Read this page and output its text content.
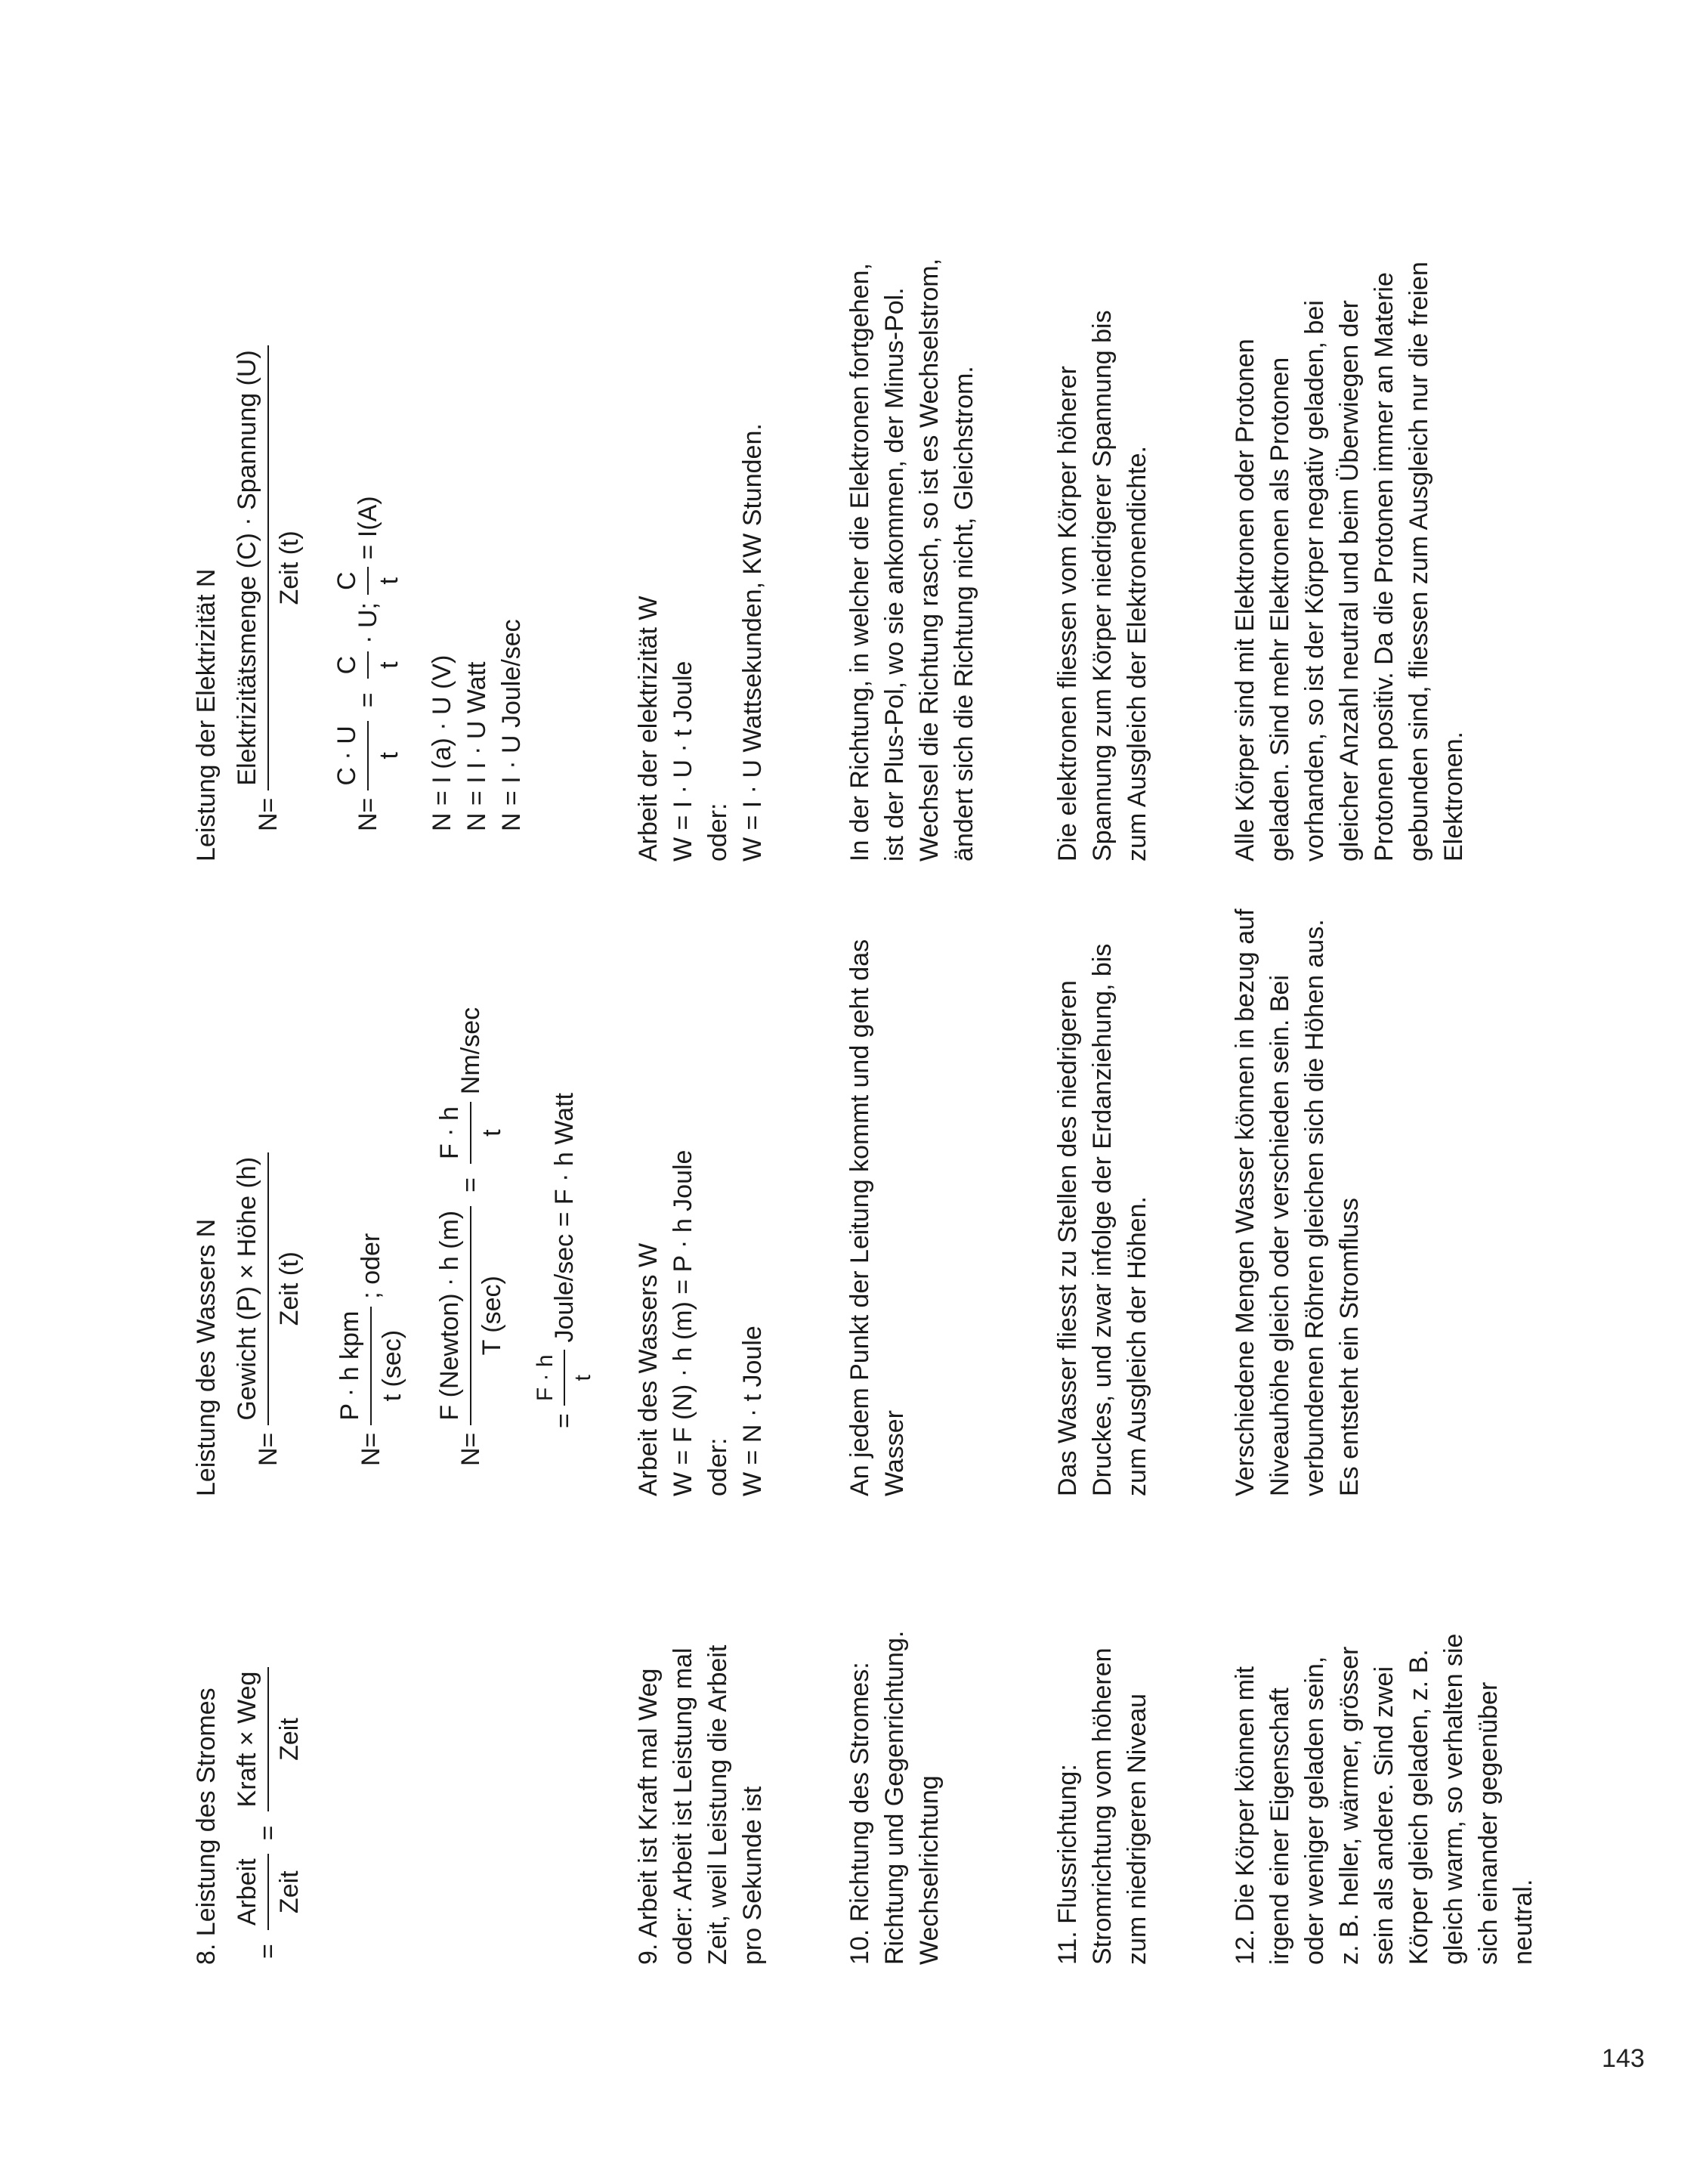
8. Leistung des Stromes =
Arbeit Zeit
=
Kraft × Weg Zeit
Leistung des Wassers N N=
Gewicht (P) × Höhe (h) Zeit (t)
N=
P · h kpm t (sec)
; oder
N=
F (Newton) · h (m) T (sec)
=
F · h t
Nm/sec
=
F · h t
Joule/sec = F · h Watt
Leistung der Elektrizität N N=
Elektrizitätsmenge (C) · Spannung (U) Zeit (t)
N=
C · U t
=
C t
· U;
C t
= I(A)
N = I (a) · U (V) N = I I · U Watt N = I · U Joule/sec
9. Arbeit ist Kraft mal Weg oder: Arbeit ist Leistung mal Zeit, weil Leistung die Arbeit pro Sekunde ist
Arbeit des Wassers W W = F (N) · h (m) = P · h Joule oder: W = N · t Joule
Arbeit der elektrizität W W = I · U · t Joule oder: W = I · U Wattsekunden, KW Stunden.
10. Richtung des Stromes: Richtung und Gegenrichtung. Wechselrichtung
An jedem Punkt der Leitung kommt und geht das Wasser
In der Richtung, in welcher die Elektronen fortgehen, ist der Plus-Pol, wo sie ankommen, der Minus-Pol. Wechsel die Richtung rasch, so ist es Wechselstrom, ändert sich die Richtung nicht, Gleichstrom.
11. Flussrichtung: Stromrichtung vom höheren zum niedrigeren Niveau
Das Wasser fliesst zu Stellen des niedrigeren Druckes, und zwar infolge der Erdanziehung, bis zum Ausgleich der Höhen.
Die elektronen fliessen vom Körper höherer Spannung zum Körper niedrigerer Spannung bis zum Ausgleich der Elektronendichte.
12. Die Körper können mit irgend einer Eigenschaft oder weniger geladen sein, z. B. heller, wärmer, grösser sein als andere. Sind zwei Körper gleich geladen, z. B. gleich warm, so verhalten sie sich einander gegenüber neutral.
Verschiedene Mengen Wasser können in bezug auf Niveauhöhe gleich oder verschieden sein. Bei verbundenen Röhren gleichen sich die Höhen aus. Es entsteht ein Stromfluss
Alle Körper sind mit Elektronen oder Protonen geladen. Sind mehr Elektronen als Protonen vorhanden, so ist der Körper negativ geladen, bei gleicher Anzahl neutral und beim Überwiegen der Protonen positiv. Da die Protonen immer an Materie gebunden sind, fliessen zum Ausgleich nur die freien Elektronen.
143
